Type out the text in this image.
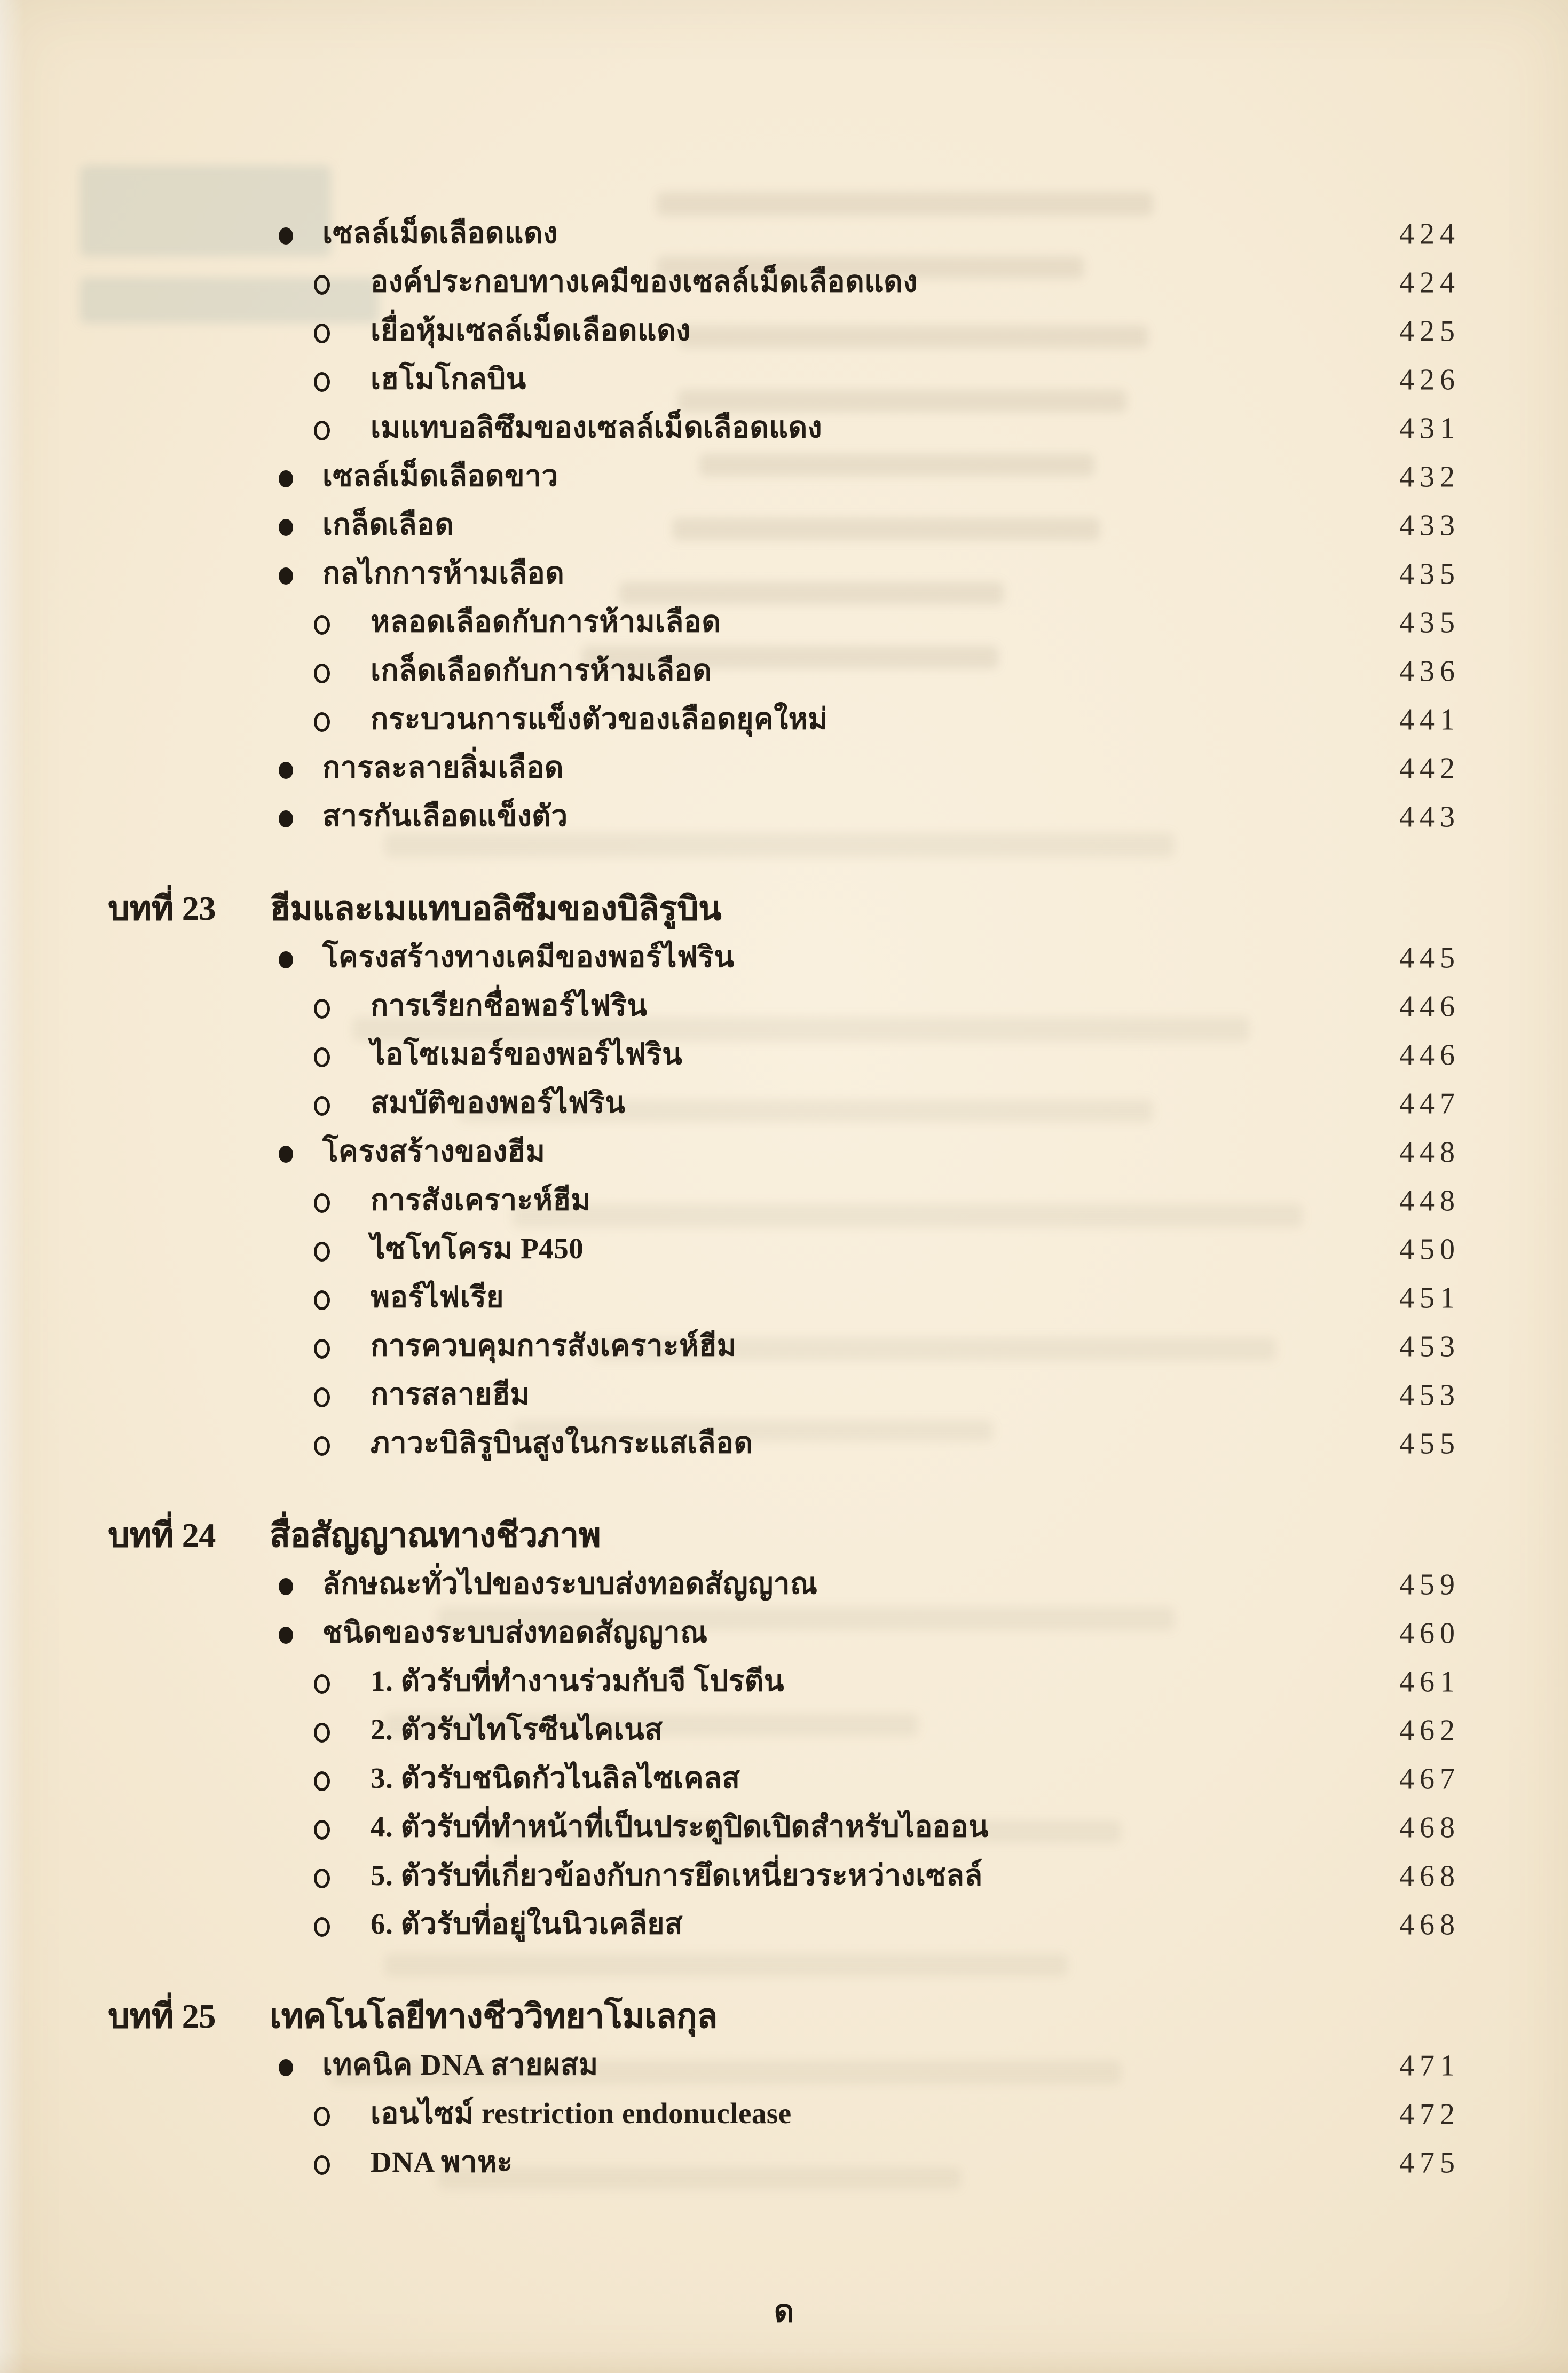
เซลล์เม็ดเลือดแดง	424
องค์ประกอบทางเคมีของเซลล์เม็ดเลือดแดง	424
เยื่อหุ้มเซลล์เม็ดเลือดแดง	425
เฮโมโกลบิน	426
เมแทบอลิซึมของเซลล์เม็ดเลือดแดง	431
เซลล์เม็ดเลือดขาว	432
เกล็ดเลือด	433
กลไกการห้ามเลือด	435
หลอดเลือดกับการห้ามเลือด	435
เกล็ดเลือดกับการห้ามเลือด	436
กระบวนการแข็งตัวของเลือดยุคใหม่	441
การละลายลิ่มเลือด	442
สารกันเลือดแข็งตัว	443
บทที่ 23 ฮีมและเมแทบอลิซึมของบิลิรูบิน
โครงสร้างทางเคมีของพอร์ไฟริน	445
การเรียกชื่อพอร์ไฟริน	446
ไอโซเมอร์ของพอร์ไฟริน	446
สมบัติของพอร์ไฟริน	447
โครงสร้างของฮีม	448
การสังเคราะห์ฮีม	448
ไซโทโครม P450	450
พอร์ไฟเรีย	451
การควบคุมการสังเคราะห์ฮีม	453
การสลายฮีม	453
ภาวะบิลิรูบินสูงในกระแสเลือด	455
บทที่ 24 สื่อสัญญาณทางชีวภาพ
ลักษณะทั่วไปของระบบส่งทอดสัญญาณ	459
ชนิดของระบบส่งทอดสัญญาณ	460
1. ตัวรับที่ทำงานร่วมกับจี โปรตีน	461
2. ตัวรับไทโรซีนไคเนส	462
3. ตัวรับชนิดกัวไนลิลไซเคลส	467
4. ตัวรับที่ทำหน้าที่เป็นประตูปิดเปิดสำหรับไอออน	468
5. ตัวรับที่เกี่ยวข้องกับการยึดเหนี่ยวระหว่างเซลล์	468
6. ตัวรับที่อยู่ในนิวเคลียส	468
บทที่ 25 เทคโนโลยีทางชีววิทยาโมเลกุล
เทคนิค DNA สายผสม	471
เอนไซม์ restriction endonuclease	472
DNA พาหะ	475
ด
